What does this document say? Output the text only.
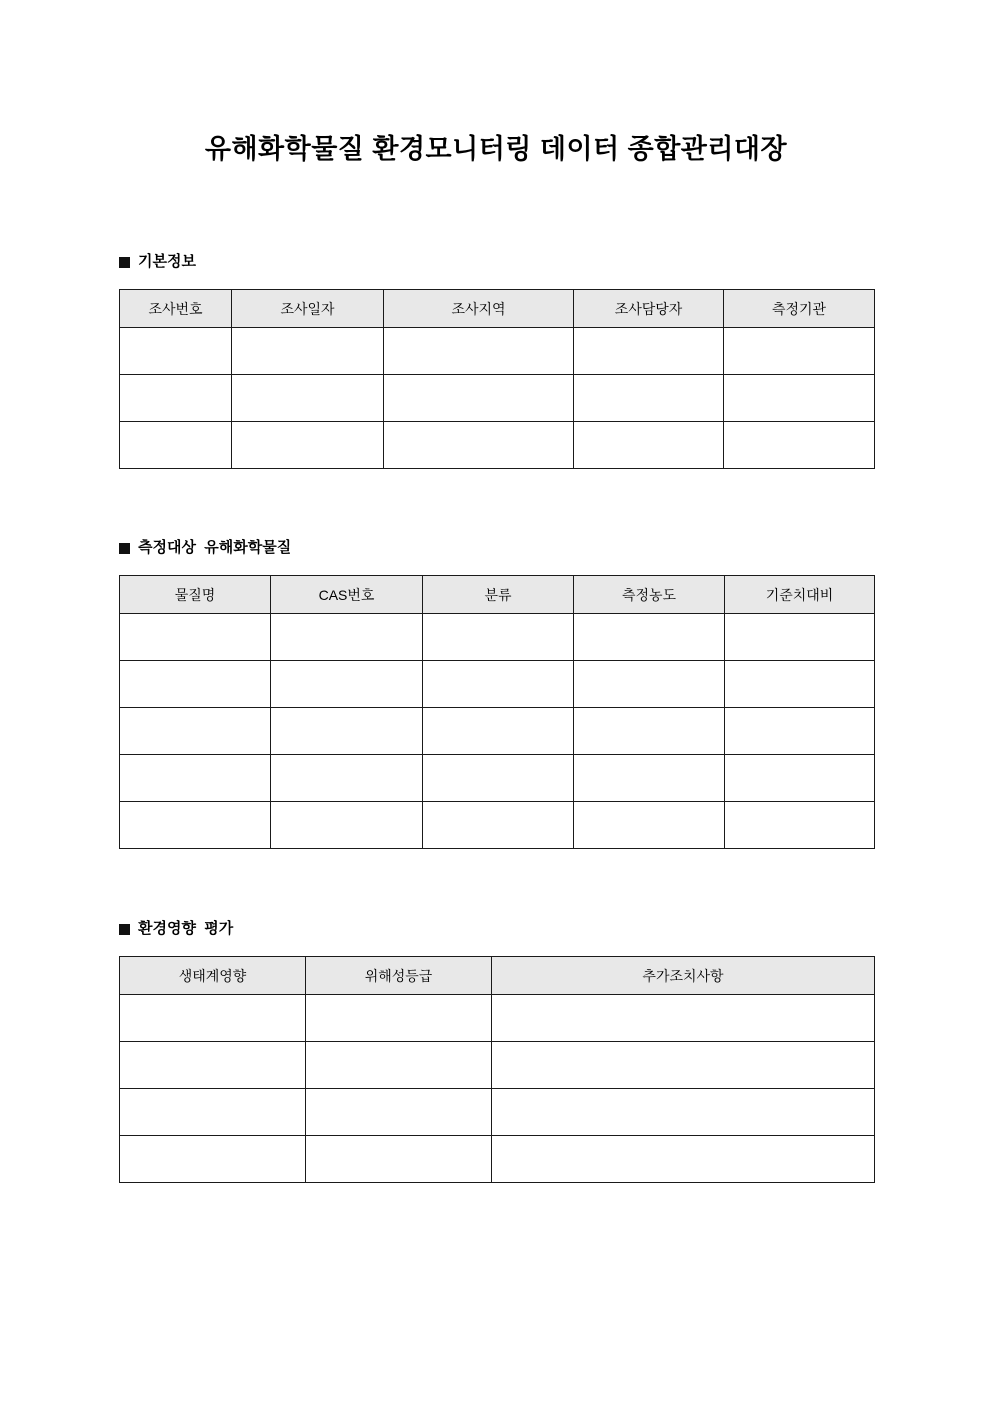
유해화학물질 환경모니터링 데이터 종합관리대장
기본정보
조사번호	조사일자	조사지역	조사담당자	측정기관

측정대상  유해화학물질
물질명	CAS번호	분류	측정농도	기준치대비

환경영향  평가
생태계영향	위해성등급	추가조치사항
